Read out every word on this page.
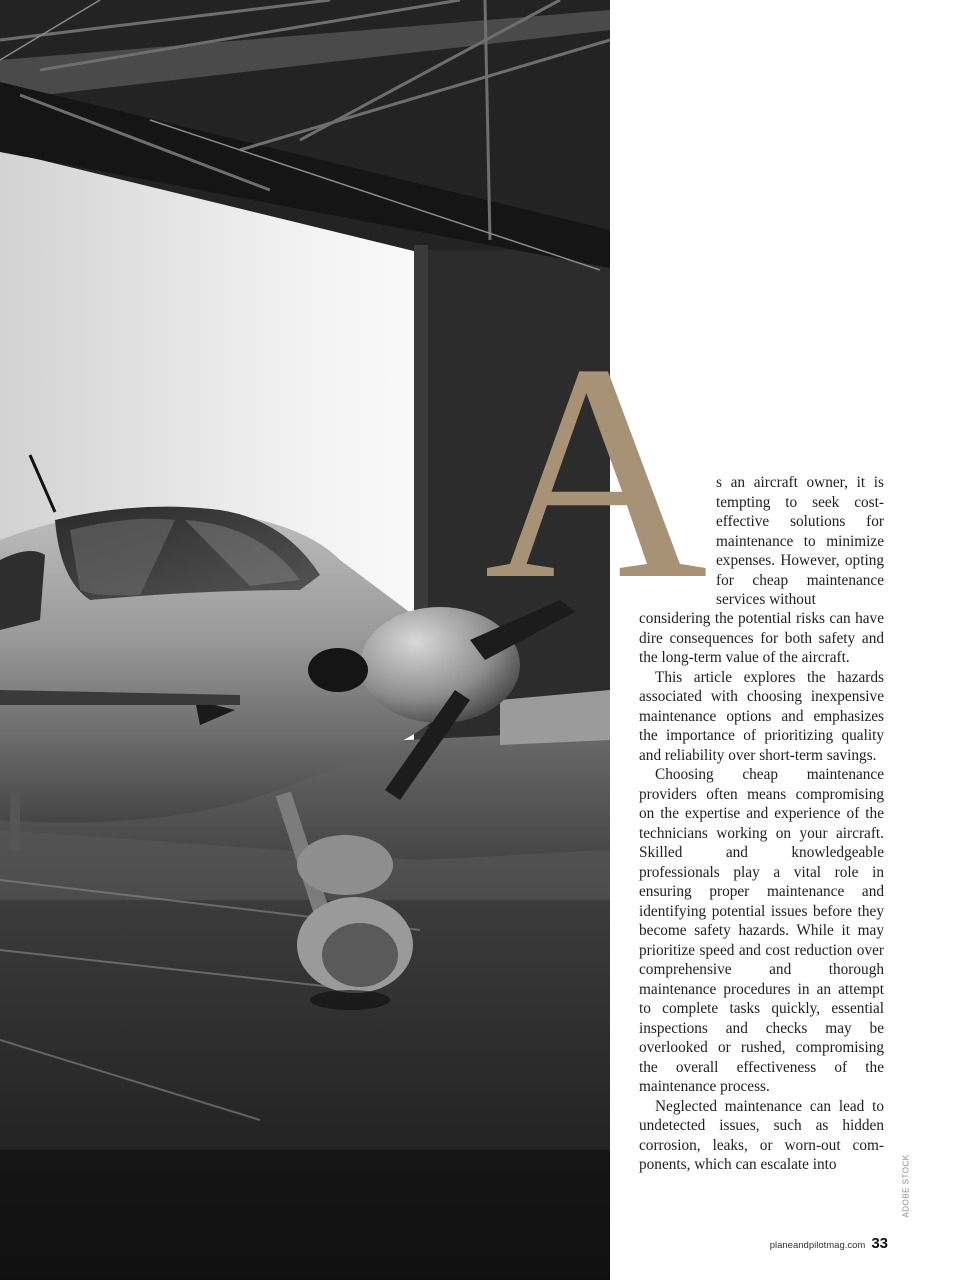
A s an aircraft owner, it is tempting to seek costeffective solutions for maintenance to minimize expenses. However, opting for cheap maintenance services without

considering the potential risks can have dire consequences for both safety and the long-term value of the aircraft.

This article explores the hazards associated with choosing inexpensive maintenance options and emphasizes the importance of prioritizing quality and reliability over short-term savings.

Choosing cheap maintenance providers often means compromising on the expertise and experience of the technicians working on your aircraft. Skilled and knowledgeable professionals play a vital role in ensuring proper maintenance and identifying potential issues before they become safety hazards. While it may prioritize speed and cost reduction over comprehensive and thorough maintenance procedures in an attempt to complete tasks quickly, essential inspections and checks may be overlooked or rushed, compromising the overall effectiveness of the maintenance process.

Neglected maintenance can lead to undetected issues, such as hidden corrosion, leaks, or worn-out components, which can escalate into	ADOBE STOCK
planeandpilotmag.com 33
